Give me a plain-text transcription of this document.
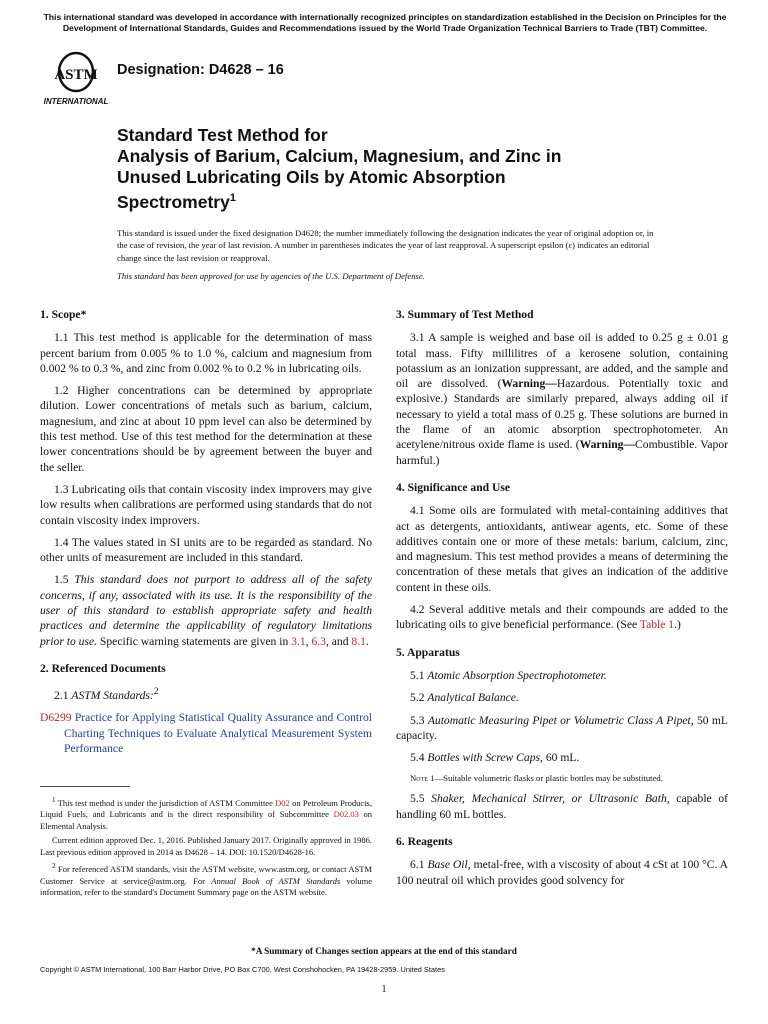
This international standard was developed in accordance with internationally recognized principles on standardization established in the Decision on Principles for the Development of International Standards, Guides and Recommendations issued by the World Trade Organization Technical Barriers to Trade (TBT) Committee.
ASTM
INTERNATIONAL
Designation: D4628 – 16
Standard Test Method for
Analysis of Barium, Calcium, Magnesium, and Zinc in
Unused Lubricating Oils by Atomic Absorption
Spectrometry$^1$

This standard is issued under the fixed designation D4628; the number immediately following the designation indicates the year of original adoption or, in the case of revision, the year of last revision. A number in parentheses indicates the year of last reapproval. A superscript epsilon (ε) indicates an editorial change since the last revision or reapproval.

This standard has been approved for use by agencies of the U.S. Department of Defense.

1. Scope*

1.1 This test method is applicable for the determination of mass percent barium from 0.005 % to 1.0 %, calcium and magnesium from 0.002 % to 0.3 %, and zinc from 0.002 % to 0.2 % in lubricating oils.

1.2 Higher concentrations can be determined by appropriate dilution. Lower concentrations of metals such as barium, calcium, magnesium, and zinc at about 10 ppm level can also be determined by this test method. Use of this test method for the determination at these lower concentrations should be by agreement between the buyer and the seller.

1.3 Lubricating oils that contain viscosity index improvers may give low results when calibrations are performed using standards that do not contain viscosity index improvers.

1.4 The values stated in SI units are to be regarded as standard. No other units of measurement are included in this standard.

1.5 This standard does not purport to address all of the safety concerns, if any, associated with its use. It is the responsibility of the user of this standard to establish appropriate safety and health practices and determine the applicability of regulatory limitations prior to use. Specific warning statements are given in 3.1, 6.3, and 8.1.

2. Referenced Documents

2.1 ASTM Standards:$^2$

D6299 Practice for Applying Statistical Quality Assurance and Control Charting Techniques to Evaluate Analytical Measurement System Performance

$^1$ This test method is under the jurisdiction of ASTM Committee D02 on Petroleum Products, Liquid Fuels, and Lubricants and is the direct responsibility of Subcommittee D02.03 on Elemental Analysis.

Current edition approved Dec. 1, 2016. Published January 2017. Originally approved in 1986. Last previous edition approved in 2014 as D4628 – 14. DOI: 10.1520/D4628-16.

$^2$ For referenced ASTM standards, visit the ASTM website, www.astm.org, or contact ASTM Customer Service at service@astm.org. For Annual Book of ASTM Standards volume information, refer to the standard's Document Summary page on the ASTM website.

3. Summary of Test Method

3.1 A sample is weighed and base oil is added to 0.25 g ± 0.01 g total mass. Fifty millilitres of a kerosene solution, containing potassium as an ionization suppressant, are added, and the sample and oil are dissolved. (Warning—Hazardous. Potentially toxic and explosive.) Standards are similarly prepared, always adding oil if necessary to yield a total mass of 0.25 g. These solutions are burned in the flame of an atomic absorption spectrophotometer. An acetylene/nitrous oxide flame is used. (Warning—Combustible. Vapor harmful.)

4. Significance and Use

4.1 Some oils are formulated with metal-containing additives that act as detergents, antioxidants, antiwear agents, etc. Some of these additives contain one or more of these metals: barium, calcium, zinc, and magnesium. This test method provides a means of determining the concentration of these metals that gives an indication of the additive content in these oils.

4.2 Several additive metals and their compounds are added to the lubricating oils to give beneficial performance. (See Table 1.)

5. Apparatus

5.1 Atomic Absorption Spectrophotometer.

5.2 Analytical Balance.

5.3 Automatic Measuring Pipet or Volumetric Class A Pipet, 50 mL capacity.

5.4 Bottles with Screw Caps, 60 mL.

Note 1—Suitable volumetric flasks or plastic bottles may be substituted.

5.5 Shaker, Mechanical Stirrer, or Ultrasonic Bath, capable of handling 60 mL bottles.

6. Reagents

6.1 Base Oil, metal-free, with a viscosity of about 4 cSt at 100 °C. A 100 neutral oil which provides good solvency for

*A Summary of Changes section appears at the end of this standard
Copyright © ASTM International, 100 Barr Harbor Drive, PO Box C700, West Conshohocken, PA 19428-2959. United States
1
